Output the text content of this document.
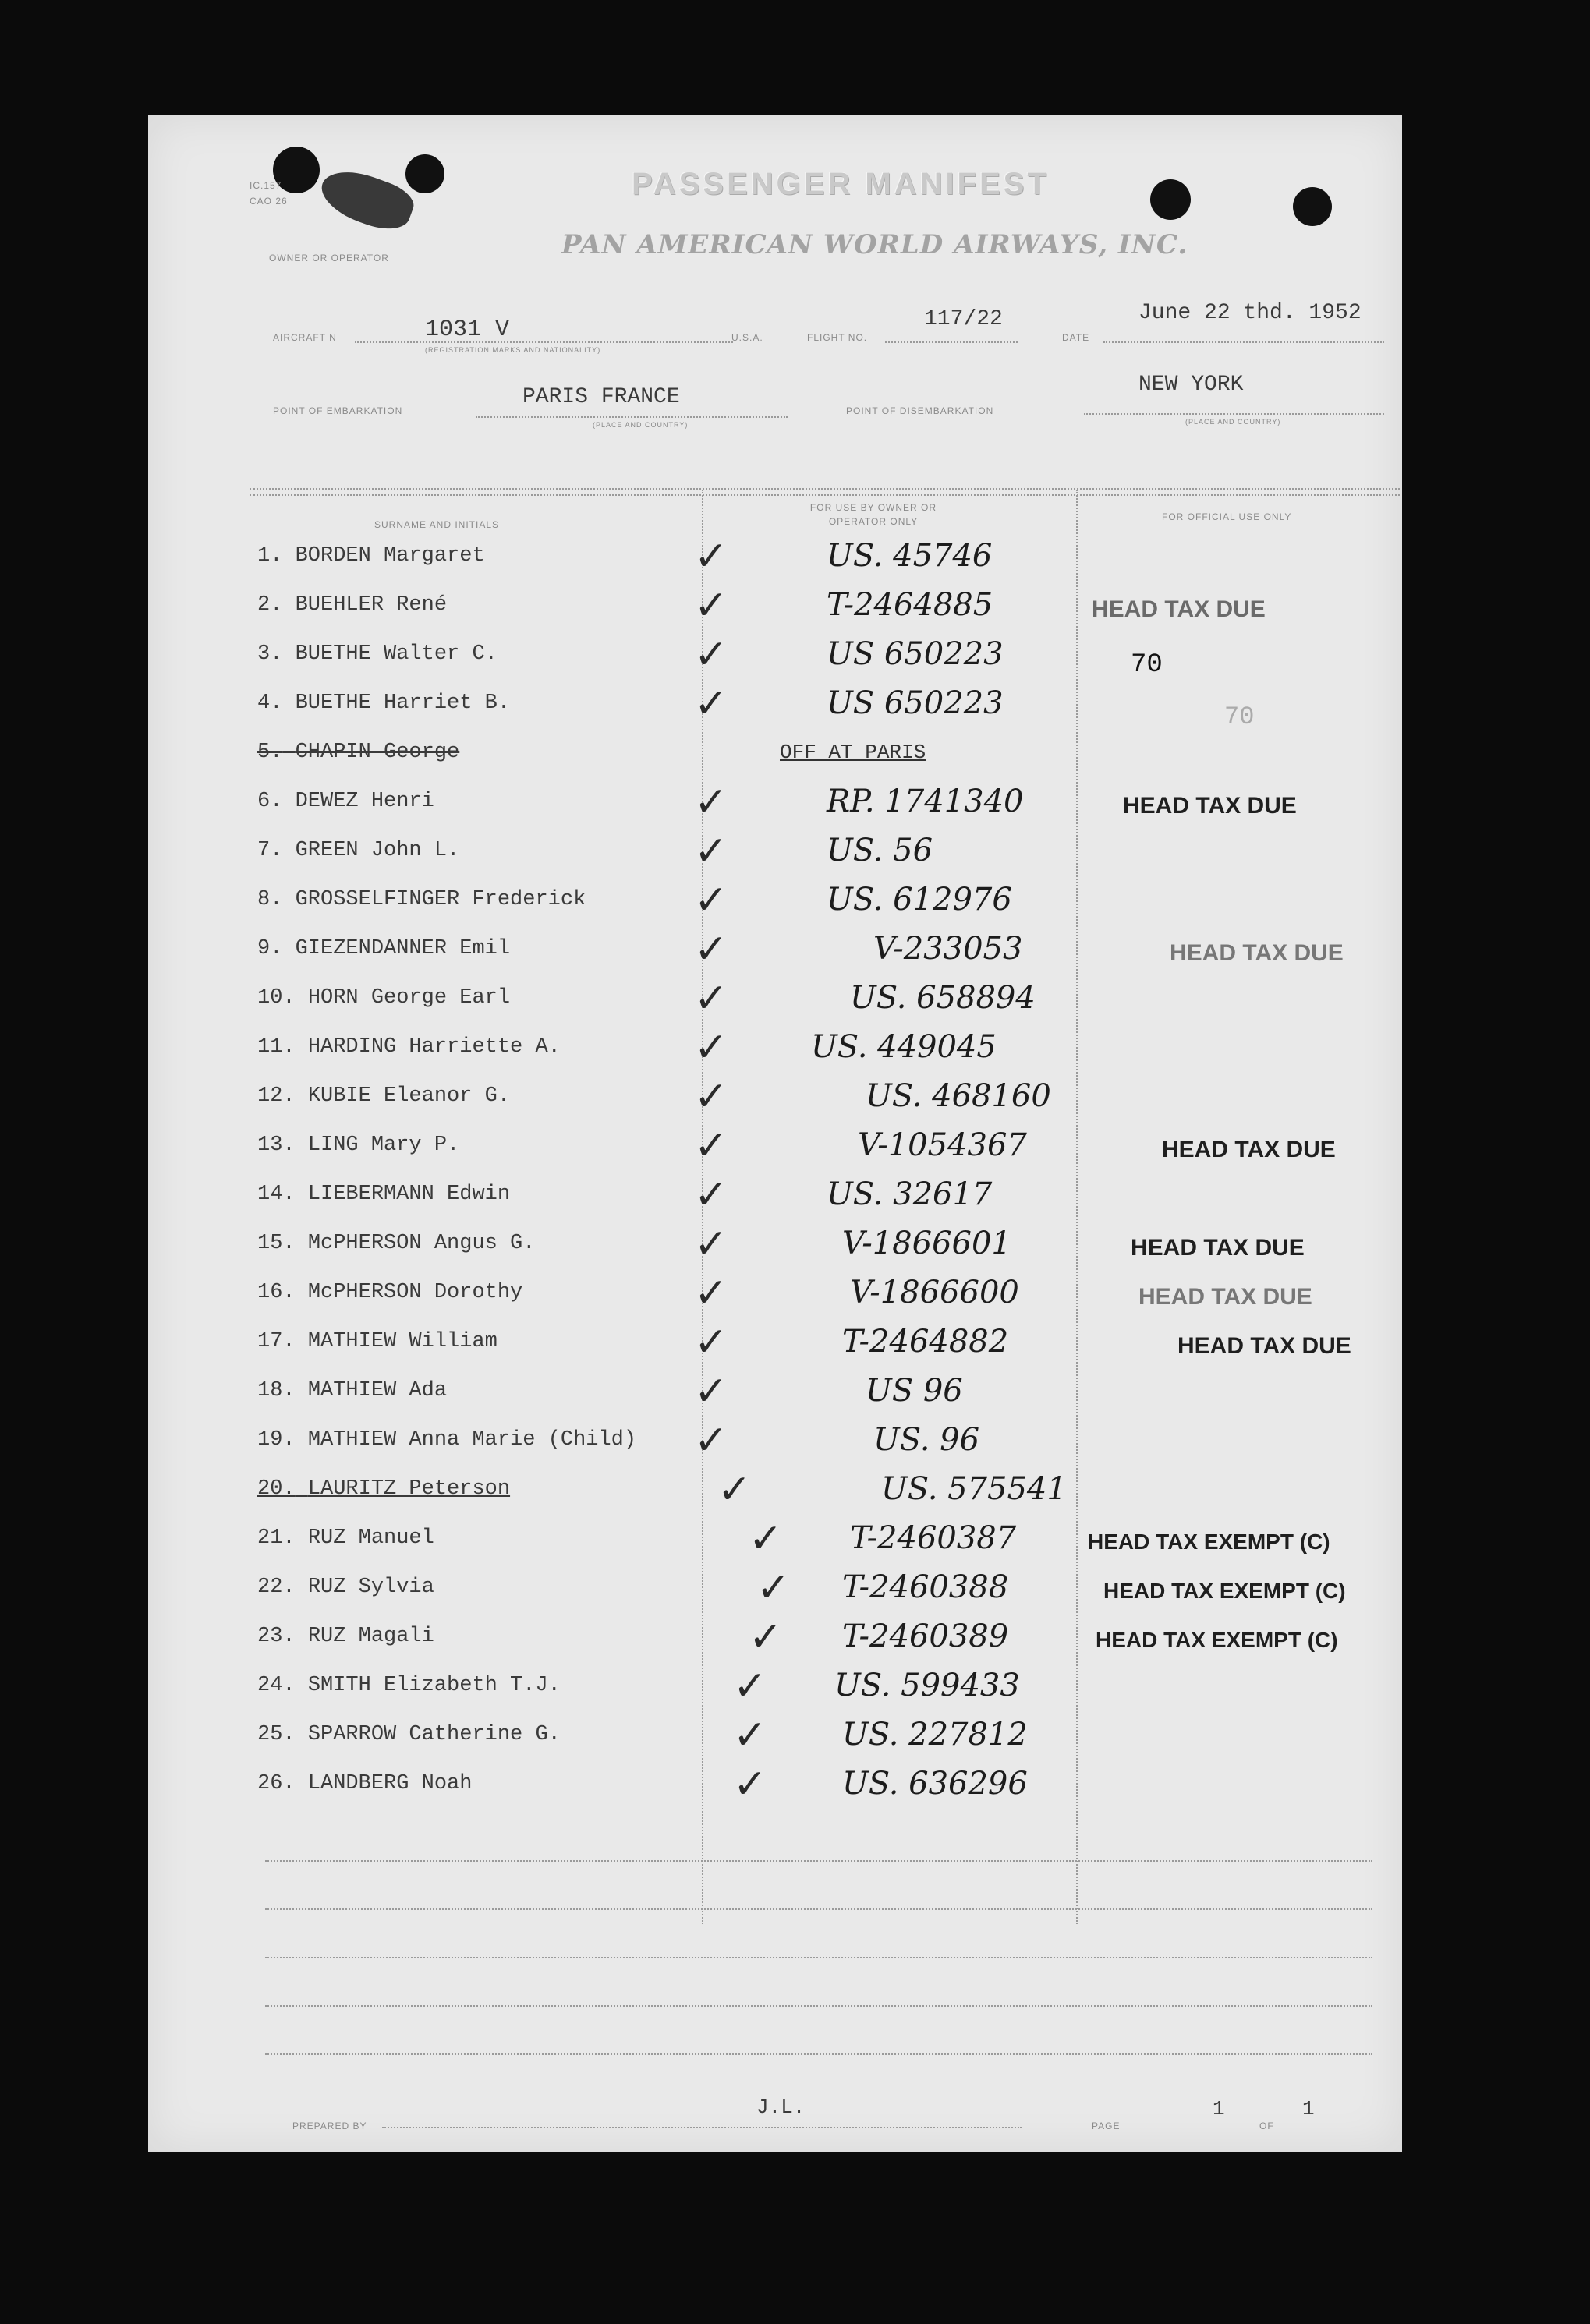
IC.157
CAO 26	PASSENGER MANIFEST
PAN AMERICAN WORLD AIRWAYS, INC.
OWNER OR OPERATOR
AIRCRAFT N	1031 V
(REGISTRATION MARKS AND NATIONALITY)
U.S.A.	FLIGHT NO.
117/22
DATE
June 22 thd. 1952
POINT OF EMBARKATION
PARIS FRANCE
(PLACE AND COUNTRY)
POINT OF DISEMBARKATION
NEW YORK
(PLACE AND COUNTRY)
SURNAME AND INITIALS
FOR USE BY OWNER OR OPERATOR ONLY	FOR OFFICIAL USE ONLY
1. BORDEN Margaret	✓	US. 45746
2. BUEHLER René	✓	T-2464885	HEAD TAX DUE
3. BUETHE Walter C.	✓	US 650223	70
4. BUETHE Harriet B.	✓	US 650223	70
5. CHAPIN George	OFF AT PARIS
6. DEWEZ Henri	✓	RP. 1741340	HEAD TAX DUE
7. GREEN John L.	✓	US. 56
8. GROSSELFINGER Frederick	✓	US. 612976
9. GIEZENDANNER Emil	✓	V-233053	HEAD TAX DUE
10. HORN George Earl	✓	US. 658894
11. HARDING Harriette A.	✓	US. 449045
12. KUBIE Eleanor G.	✓	US. 468160
13. LING Mary P.	✓	V-1054367	HEAD TAX DUE
14. LIEBERMANN Edwin	✓	US. 32617
15. McPHERSON Angus G.	✓	V-1866601	HEAD TAX DUE
16. McPHERSON Dorothy	✓	V-1866600	HEAD TAX DUE
17. MATHIEW William	✓	T-2464882	HEAD TAX DUE
18. MATHIEW Ada	✓	US 96
19. MATHIEW Anna Marie (Child) ✓	US. 96
20. LAURITZ Peterson	✓	US. 575541
21. RUZ Manuel	✓ T-2460387	HEAD TAX EXEMPT (C)
22. RUZ Sylvia	✓ T-2460388	HEAD TAX EXEMPT (C)
23. RUZ Magali	✓ T-2460389	HEAD TAX EXEMPT (C)
24. SMITH Elizabeth T.J.	✓ US. 599433
25. SPARROW Catherine G.	✓ US. 227812
26. LANDBERG Noah	✓ US. 636296
PREPARED BY
J.L.
PAGE
1
OF
1
